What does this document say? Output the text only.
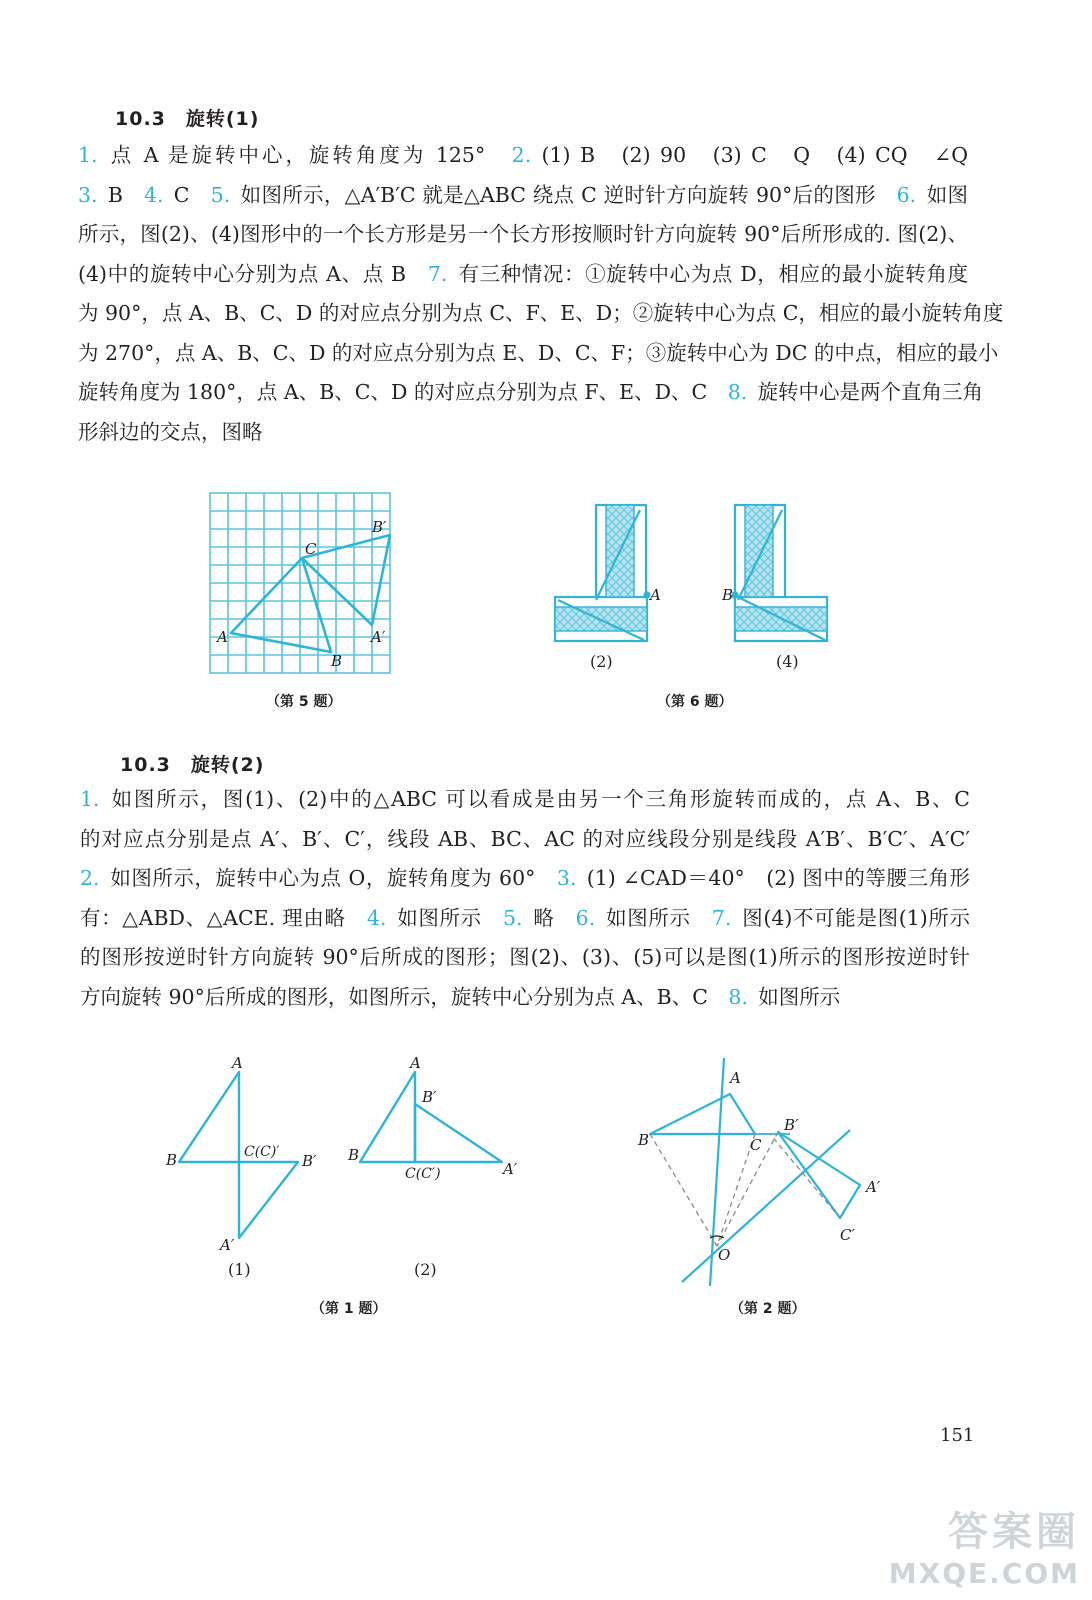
10.3　旋转(1)
1.  点 A 是旋转中心，旋转角度为 125°　2.  (1) B　(2) 90　(3) C　Q　(4) CQ　∠Q
3.  B　4.  C　5.  如图所示，△A′B′C 就是△ABC 绕点 C 逆时针方向旋转 90°后的图形　6.  如图
所示，图(2)、(4)图形中的一个长方形是另一个长方形按顺时针方向旋转 90°后所形成的. 图(2)、
(4)中的旋转中心分别为点 A、点 B　7.  有三种情况：①旋转中心为点 D，相应的最小旋转角度
为 90°，点 A、B、C、D 的对应点分别为点 C、F、E、D；②旋转中心为点 C，相应的最小旋转角度
为 270°，点 A、B、C、D 的对应点分别为点 E、D、C、F；③旋转中心为 DC 的中点，相应的最小
旋转角度为 180°，点 A、B、C、D 的对应点分别为点 F、E、D、C　8.  旋转中心是两个直角三角
形斜边的交点，图略
C
B′
A	A′
B
（第 5 题）
A	B
(2)	(4)
（第 6 题）
10.3　旋转(2)
1.  如图所示，图(1)、(2)中的△ABC 可以看成是由另一个三角形旋转而成的，点 A、B、C
的对应点分别是点 A′、B′、C′，线段 AB、BC、AC 的对应线段分别是线段 A′B′、B′C′、A′C′
2.  如图所示，旋转中心为点 O，旋转角度为 60°　3.  (1) ∠CAD＝40°　(2) 图中的等腰三角形
有：△ABD、△ACE. 理由略　4.  如图所示　5.  略　6.  如图所示　7.  图(4)不可能是图(1)所示
的图形按逆时针方向旋转 90°后所成的图形；图(2)、(3)、(5)可以是图(1)所示的图形按逆时针
方向旋转 90°后所成的图形，如图所示，旋转中心分别为点 A、B、C　8.  如图所示
A
B	C(C)′ B′
A′
A
B′
B
C(C′)	A′
(1)	(2)
（第 1 题）
A
B	C
B′
A′
C′
O
（第 2 题）
151
答案圈
MXQE.COM
